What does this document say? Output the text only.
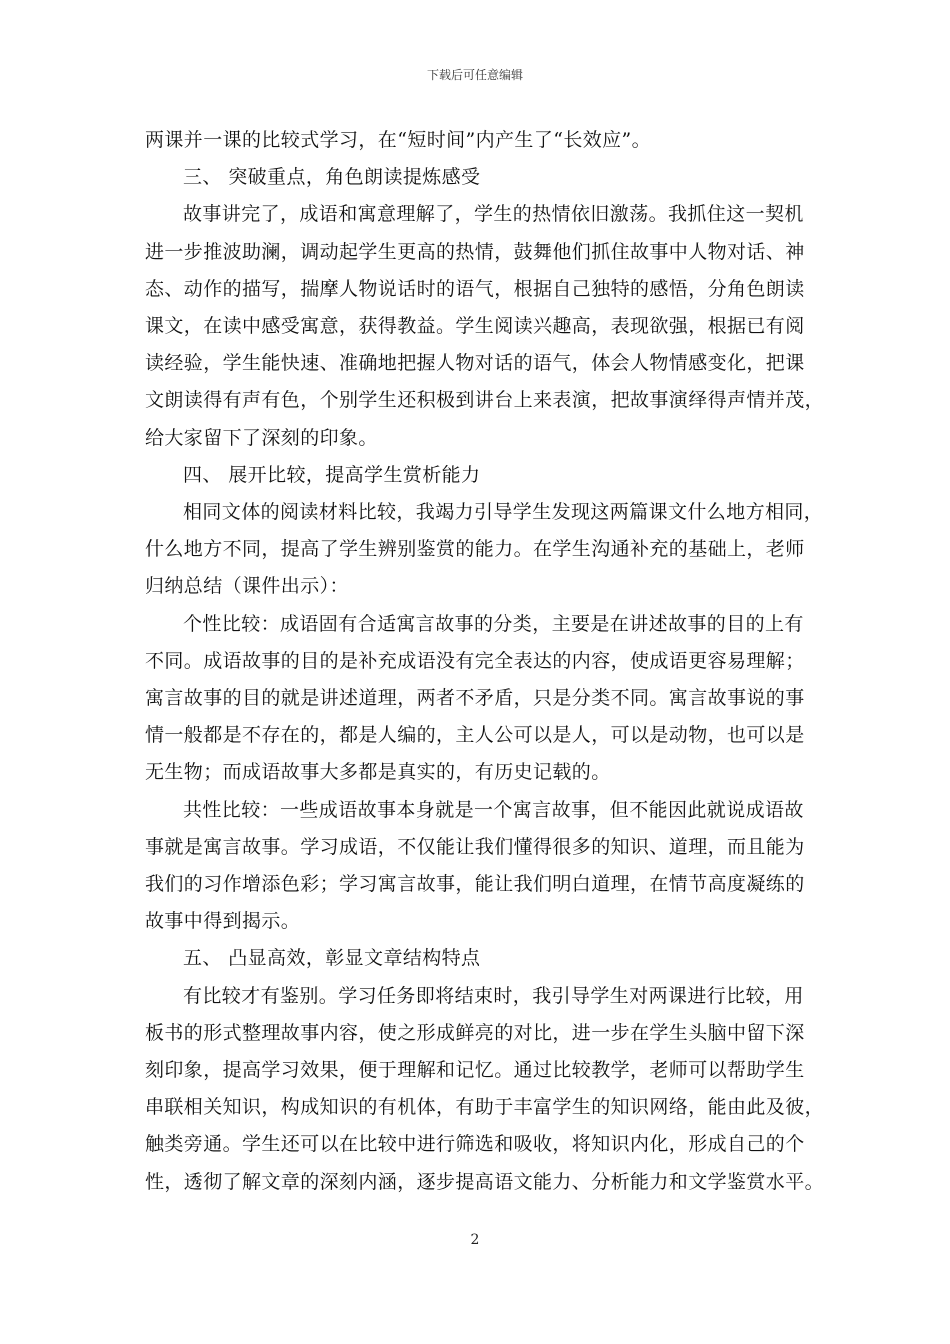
下载后可任意编辑
两课并一课的比较式学习，在“短时间”内产生了“长效应”。
三、 突破重点，角色朗读提炼感受
故事讲完了，成语和寓意理解了，学生的热情依旧激荡。我抓住这一契机
进一步推波助澜，调动起学生更高的热情，鼓舞他们抓住故事中人物对话、神
态、动作的描写，揣摩人物说话时的语气，根据自己独特的感悟，分角色朗读
课文，在读中感受寓意，获得教益。学生阅读兴趣高，表现欲强，根据已有阅
读经验，学生能快速、准确地把握人物对话的语气，体会人物情感变化，把课
文朗读得有声有色，个别学生还积极到讲台上来表演，把故事演绎得声情并茂，
给大家留下了深刻的印象。
四、 展开比较，提高学生赏析能力
相同文体的阅读材料比较，我竭力引导学生发现这两篇课文什么地方相同，
什么地方不同，提高了学生辨别鉴赏的能力。在学生沟通补充的基础上，老师
归纳总结（课件出示）：
个性比较：成语固有合适寓言故事的分类，主要是在讲述故事的目的上有
不同。成语故事的目的是补充成语没有完全表达的内容，使成语更容易理解；
寓言故事的目的就是讲述道理，两者不矛盾，只是分类不同。寓言故事说的事
情一般都是不存在的，都是人编的，主人公可以是人，可以是动物，也可以是
无生物；而成语故事大多都是真实的，有历史记载的。
共性比较：一些成语故事本身就是一个寓言故事，但不能因此就说成语故
事就是寓言故事。学习成语，不仅能让我们懂得很多的知识、道理，而且能为
我们的习作增添色彩；学习寓言故事，能让我们明白道理，在情节高度凝练的
故事中得到揭示。
五、 凸显高效，彰显文章结构特点
有比较才有鉴别。学习任务即将结束时，我引导学生对两课进行比较，用
板书的形式整理故事内容，使之形成鲜亮的对比，进一步在学生头脑中留下深
刻印象，提高学习效果，便于理解和记忆。通过比较教学，老师可以帮助学生
串联相关知识，构成知识的有机体，有助于丰富学生的知识网络，能由此及彼，
触类旁通。学生还可以在比较中进行筛选和吸收，将知识内化，形成自己的个
性，透彻了解文章的深刻内涵，逐步提高语文能力、分析能力和文学鉴赏水平。
2
